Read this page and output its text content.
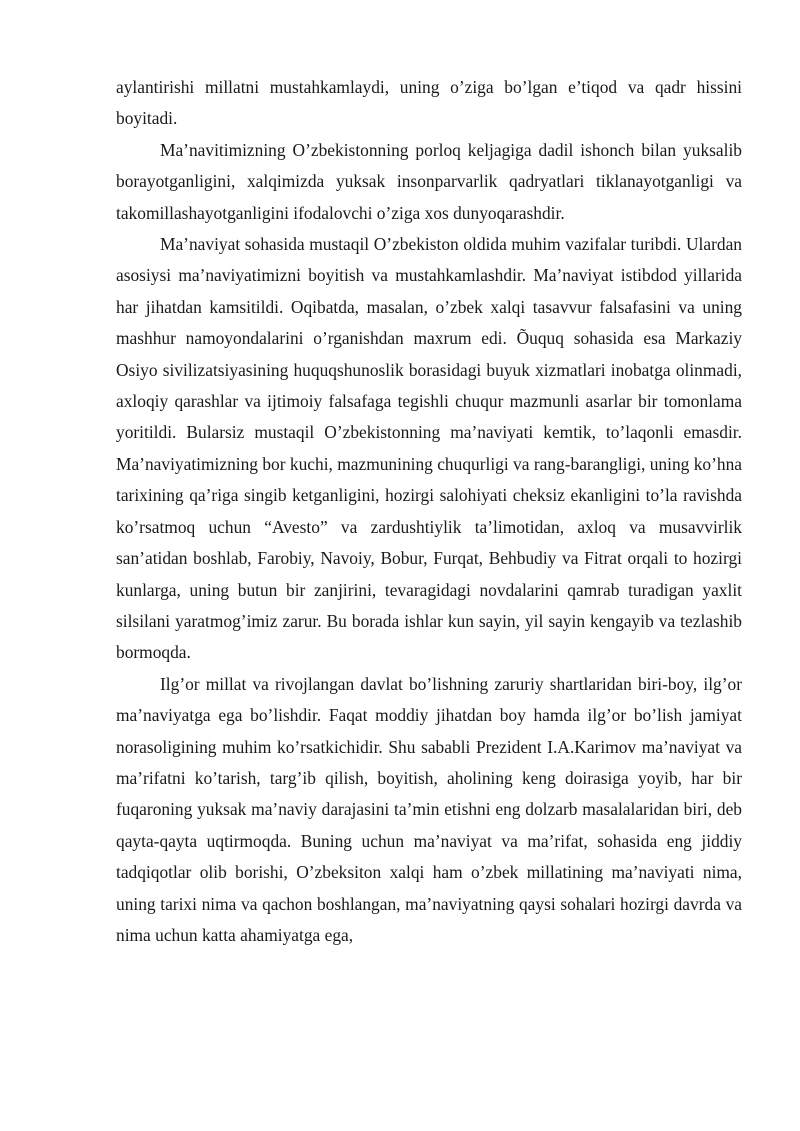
aylantirishi millatni mustahkamlaydi, uning o’ziga bo’lgan e’tiqod va qadr hissini boyitadi.

Ma’navitimizning O’zbekistonning porloq keljagiga dadil ishonch bilan yuksalib borayotganligini, xalqimizda yuksak insonparvarlik qadryatlari tiklanayotganligi va takomillashayotganligini ifodalovchi o’ziga xos dunyoqarashdir.

Ma’naviyat sohasida mustaqil O’zbekiston oldida muhim vazifalar turibdi. Ulardan asosiysi ma’naviyatimizni boyitish va mustahkamlashdir. Ma’naviyat istibdod yillarida har jihatdan kamsitildi. Oqibatda, masalan, o’zbek xalqi tasavvur falsafasini va uning mashhur namoyondalarini o’rganishdan maxrum edi. Õuquq sohasida esa Markaziy Osiyo sivilizatsiyasining huquqshunoslik borasidagi buyuk xizmatlari inobatga olinmadi, axloqiy qarashlar va ijtimoiy falsafaga tegishli chuqur mazmunli asarlar bir tomonlama yoritildi. Bularsiz mustaqil O’zbekistonning ma’naviyati kemtik, to’laqonli emasdir. Ma’naviyatimizning bor kuchi, mazmunining chuqurligi va rang-barangligi, uning ko’hna tarixining qa’riga singib ketganligini, hozirgi salohiyati cheksiz ekanligini to’la ravishda ko’rsatmoq uchun “Avesto” va zardushtiylik ta’limotidan, axloq va musavvirlik san’atidan boshlab, Farobiy, Navoiy, Bobur, Furqat, Behbudiy va Fitrat orqali to hozirgi kunlarga, uning butun bir zanjirini, tevaragidagi novdalarini qamrab turadigan yaxlit silsilani yaratmog’imiz zarur. Bu borada ishlar kun sayin, yil sayin kengayib va tezlashib bormoqda.

Ilg’or millat va rivojlangan davlat bo’lishning zaruriy shartlaridan biri-boy, ilg’or ma’naviyatga ega bo’lishdir. Faqat moddiy jihatdan boy hamda ilg’or bo’lish jamiyat norasoligining muhim ko’rsatkichidir. Shu sababli Prezident I.A.Karimov ma’naviyat va ma’rifatni ko’tarish, targ’ib qilish, boyitish, aholining keng doirasiga yoyib, har bir fuqaroning yuksak ma’naviy darajasini ta’min etishni eng dolzarb masalalaridan biri, deb qayta-qayta uqtirmoqda. Buning uchun ma’naviyat va ma’rifat, sohasida eng jiddiy tadqiqotlar olib borishi, O’zbeksiton xalqi ham o’zbek millatining ma’naviyati nima, uning tarixi nima va qachon boshlangan, ma’naviyatning qaysi sohalari hozirgi davrda va nima uchun katta ahamiyatga ega,
